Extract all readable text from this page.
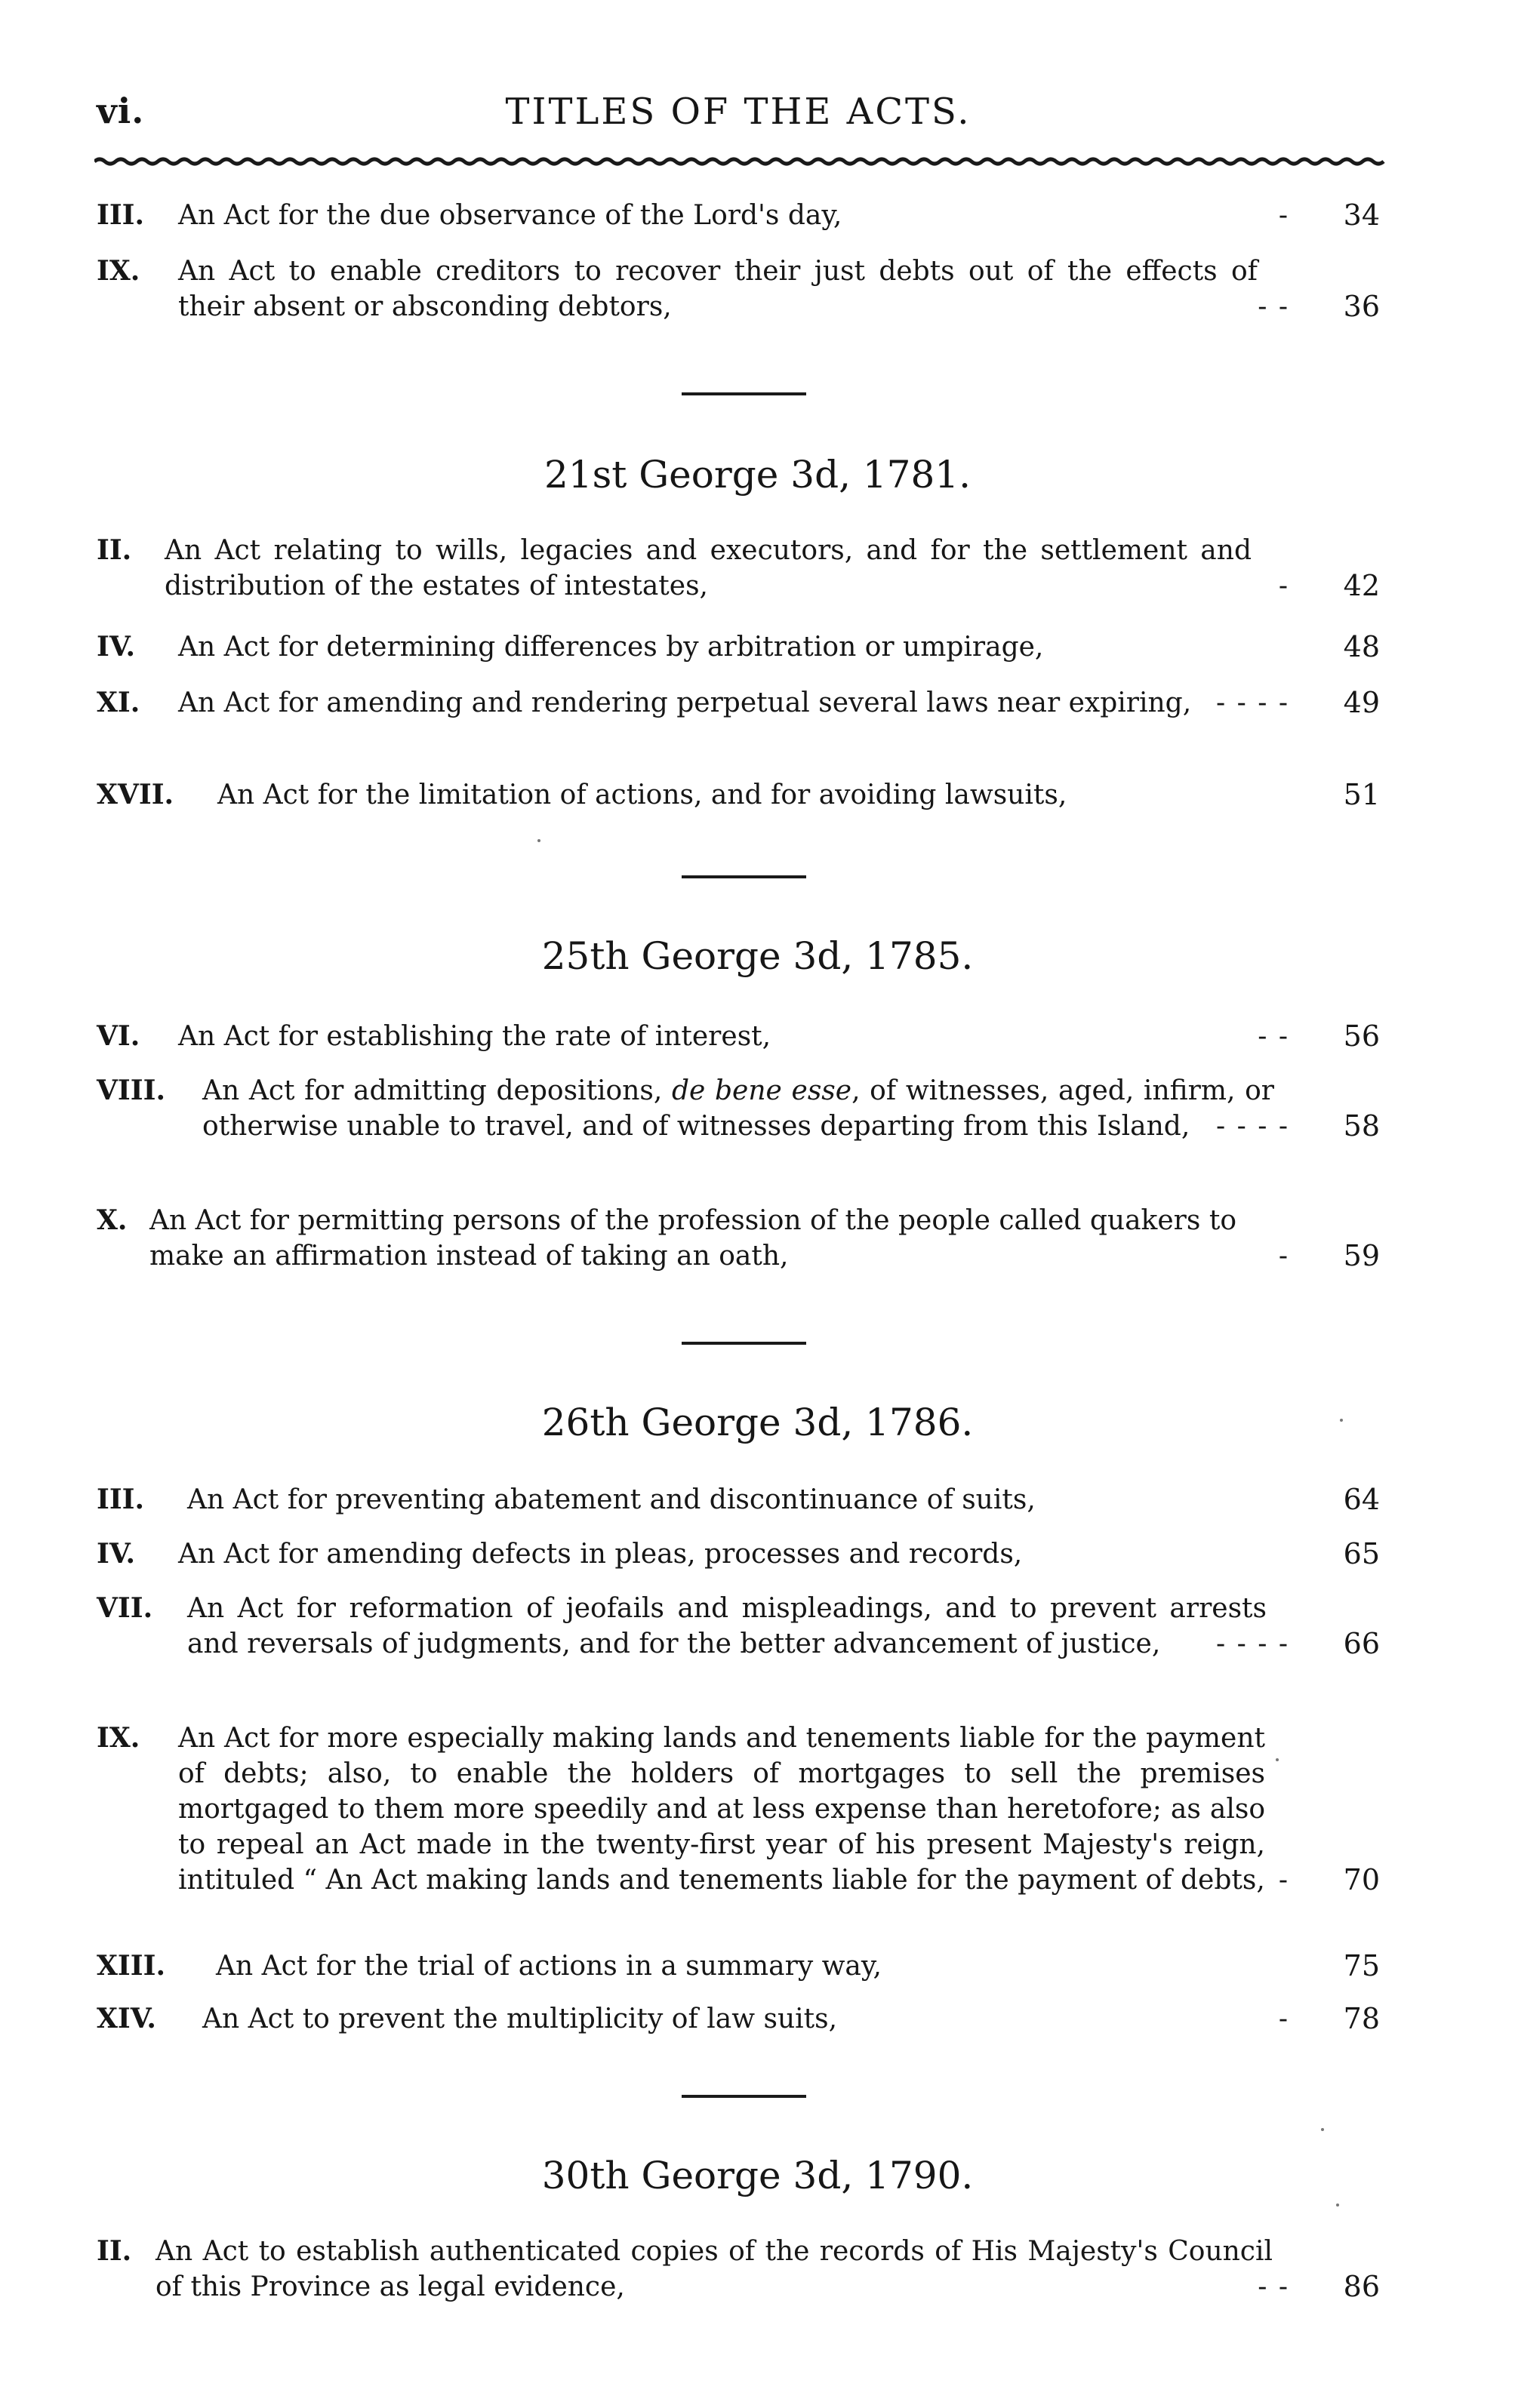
vi.	TITLES OF THE ACTS.
III.	An Act for the due observance of the Lord's day,	- 34
IX.	An Act to enable creditors to recover their just debts out of the effects of their absent or absconding debtors,	- - 36
21st George 3d, 1781.
II.	An Act relating to wills, legacies and executors, and for the settlement and distribution of the estates of intestates,	- 42
IV.	An Act for determining differences by arbitration or umpirage,	48
XI.	An Act for amending and rendering perpetual several laws near expiring, - - - - 49
XVII.	An Act for the limitation of actions, and for avoiding lawsuits,	51
25th George 3d, 1785.
VI.	An Act for establishing the rate of interest,	- - 56
VIII.	An Act for admitting depositions, de bene esse, of witnesses, aged, infirm, or otherwise unable to travel, and of witnesses departing from this Island, - - - - 58
X. An Act for permitting persons of the profession of the people called quakers to make an affirmation instead of taking an oath,	- 59
26th George 3d, 1786.
III.	An Act for preventing abatement and discontinuance of suits,	64
IV.	An Act for amending defects in pleas, processes and records,	65
VII.	An Act for reformation of jeofails and mispleadings, and to prevent arrests and reversals of judgments, and for the better advancement of justice,	- - - - 66
IX.	An Act for more especially making lands and tenements liable for the payment of debts; also, to enable the holders of mortgages to sell the premises mortgaged to them more speedily and at less expense than heretofore; as also to repeal an Act made in the twenty-first year of his present Majesty's reign, intituled “ An Act making lands and tenements liable for the payment of debts, - 70
XIII.	An Act for the trial of actions in a summary way,	75
XIV.	An Act to prevent the multiplicity of law suits,	- 78
30th George 3d, 1790.
II. An Act to establish authenticated copies of the records of His Majesty's Council of this Province as legal evidence,	- - 86
